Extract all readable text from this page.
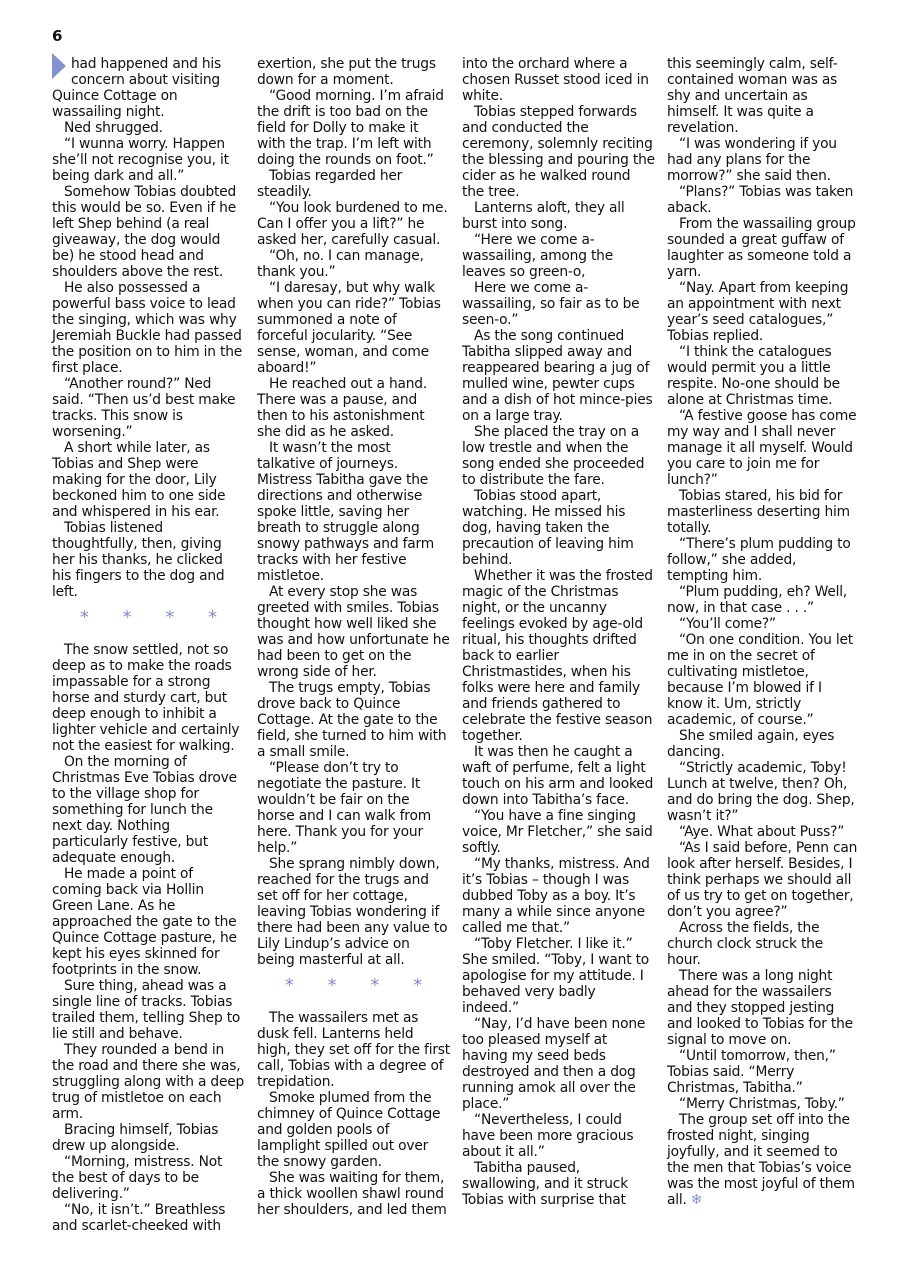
6

had happened and his concern about visiting Quince Cottage on wassailing night.

Ned shrugged.

“I wunna worry. Happen she’ll not recognise you, it being dark and all.”

Somehow Tobias doubted this would be so. Even if he left Shep behind (a real giveaway, the dog would be) he stood head and shoulders above the rest.

He also possessed a powerful bass voice to lead the singing, which was why Jeremiah Buckle had passed the position on to him in the first place.

“Another round?” Ned said. “Then us’d best make tracks. This snow is worsening.”

A short while later, as Tobias and Shep were making for the door, Lily beckoned him to one side and whispered in his ear.

Tobias listened thoughtfully, then, giving her his thanks, he clicked his fingers to the dog and left.

* * * *

The snow settled, not so deep as to make the roads impassable for a strong horse and sturdy cart, but deep enough to inhibit a lighter vehicle and certainly not the easiest for walking.

On the morning of Christmas Eve Tobias drove to the village shop for something for lunch the next day. Nothing particularly festive, but adequate enough.

He made a point of coming back via Hollin Green Lane. As he approached the gate to the Quince Cottage pasture, he kept his eyes skinned for footprints in the snow.

Sure thing, ahead was a single line of tracks. Tobias trailed them, telling Shep to lie still and behave.

They rounded a bend in the road and there she was, struggling along with a deep trug of mistletoe on each arm.

Bracing himself, Tobias drew up alongside.

“Morning, mistress. Not the best of days to be delivering.”

“No, it isn’t.” Breathless and scarlet-cheeked with

exertion, she put the trugs down for a moment.

“Good morning. I’m afraid the drift is too bad on the field for Dolly to make it with the trap. I’m left with doing the rounds on foot.”

Tobias regarded her steadily.

“You look burdened to me. Can I offer you a lift?” he asked her, carefully casual.

“Oh, no. I can manage, thank you.”

“I daresay, but why walk when you can ride?” Tobias summoned a note of forceful jocularity. “See sense, woman, and come aboard!”

He reached out a hand. There was a pause, and then to his astonishment she did as he asked.

It wasn’t the most talkative of journeys. Mistress Tabitha gave the directions and otherwise spoke little, saving her breath to struggle along snowy pathways and farm tracks with her festive mistletoe.

At every stop she was greeted with smiles. Tobias thought how well liked she was and how unfortunate he had been to get on the wrong side of her.

The trugs empty, Tobias drove back to Quince Cottage. At the gate to the field, she turned to him with a small smile.

“Please don’t try to negotiate the pasture. It wouldn’t be fair on the horse and I can walk from here. Thank you for your help.”

She sprang nimbly down, reached for the trugs and set off for her cottage, leaving Tobias wondering if there had been any value to Lily Lindup’s advice on being masterful at all.

* * * *

The wassailers met as dusk fell. Lanterns held high, they set off for the first call, Tobias with a degree of trepidation.

Smoke plumed from the chimney of Quince Cottage and golden pools of lamplight spilled out over the snowy garden.

She was waiting for them, a thick woollen shawl round her shoulders, and led them

into the orchard where a chosen Russet stood iced in white.

Tobias stepped forwards and conducted the ceremony, solemnly reciting the blessing and pouring the cider as he walked round the tree.

Lanterns aloft, they all burst into song.

“Here we come a-wassailing, among the leaves so green-o,

Here we come a-wassailing, so fair as to be seen-o.”

As the song continued Tabitha slipped away and reappeared bearing a jug of mulled wine, pewter cups and a dish of hot mince-pies on a large tray.

She placed the tray on a low trestle and when the song ended she proceeded to distribute the fare.

Tobias stood apart, watching. He missed his dog, having taken the precaution of leaving him behind.

Whether it was the frosted magic of the Christmas night, or the uncanny feelings evoked by age-old ritual, his thoughts drifted back to earlier Christmastides, when his folks were here and family and friends gathered to celebrate the festive season together.

It was then he caught a waft of perfume, felt a light touch on his arm and looked down into Tabitha’s face.

“You have a fine singing voice, Mr Fletcher,” she said softly.

“My thanks, mistress. And it’s Tobias – though I was dubbed Toby as a boy. It’s many a while since anyone called me that.”

“Toby Fletcher. I like it.” She smiled. “Toby, I want to apologise for my attitude. I behaved very badly indeed.”

“Nay, I’d have been none too pleased myself at having my seed beds destroyed and then a dog running amok all over the place.”

“Nevertheless, I could have been more gracious about it all.”

Tabitha paused, swallowing, and it struck Tobias with surprise that

this seemingly calm, self-contained woman was as shy and uncertain as himself. It was quite a revelation.

“I was wondering if you had any plans for the morrow?” she said then.

“Plans?” Tobias was taken aback.

From the wassailing group sounded a great guffaw of laughter as someone told a yarn.

“Nay. Apart from keeping an appointment with next year’s seed catalogues,” Tobias replied.

“I think the catalogues would permit you a little respite. No-one should be alone at Christmas time.

“A festive goose has come my way and I shall never manage it all myself. Would you care to join me for lunch?”

Tobias stared, his bid for masterliness deserting him totally.

“There’s plum pudding to follow,” she added, tempting him.

“Plum pudding, eh? Well, now, in that case . . .”

“You’ll come?”

“On one condition. You let me in on the secret of cultivating mistletoe, because I’m blowed if I know it. Um, strictly academic, of course.”

She smiled again, eyes dancing.

“Strictly academic, Toby! Lunch at twelve, then? Oh, and do bring the dog. Shep, wasn’t it?”

“Aye. What about Puss?”

“As I said before, Penn can look after herself. Besides, I think perhaps we should all of us try to get on together, don’t you agree?”

Across the fields, the church clock struck the hour.

There was a long night ahead for the wassailers and they stopped jesting and looked to Tobias for the signal to move on.

“Until tomorrow, then,” Tobias said. “Merry Christmas, Tabitha.”

“Merry Christmas, Toby.”

The group set off into the frosted night, singing joyfully, and it seemed to the men that Tobias’s voice was the most joyful of them all. ❄
